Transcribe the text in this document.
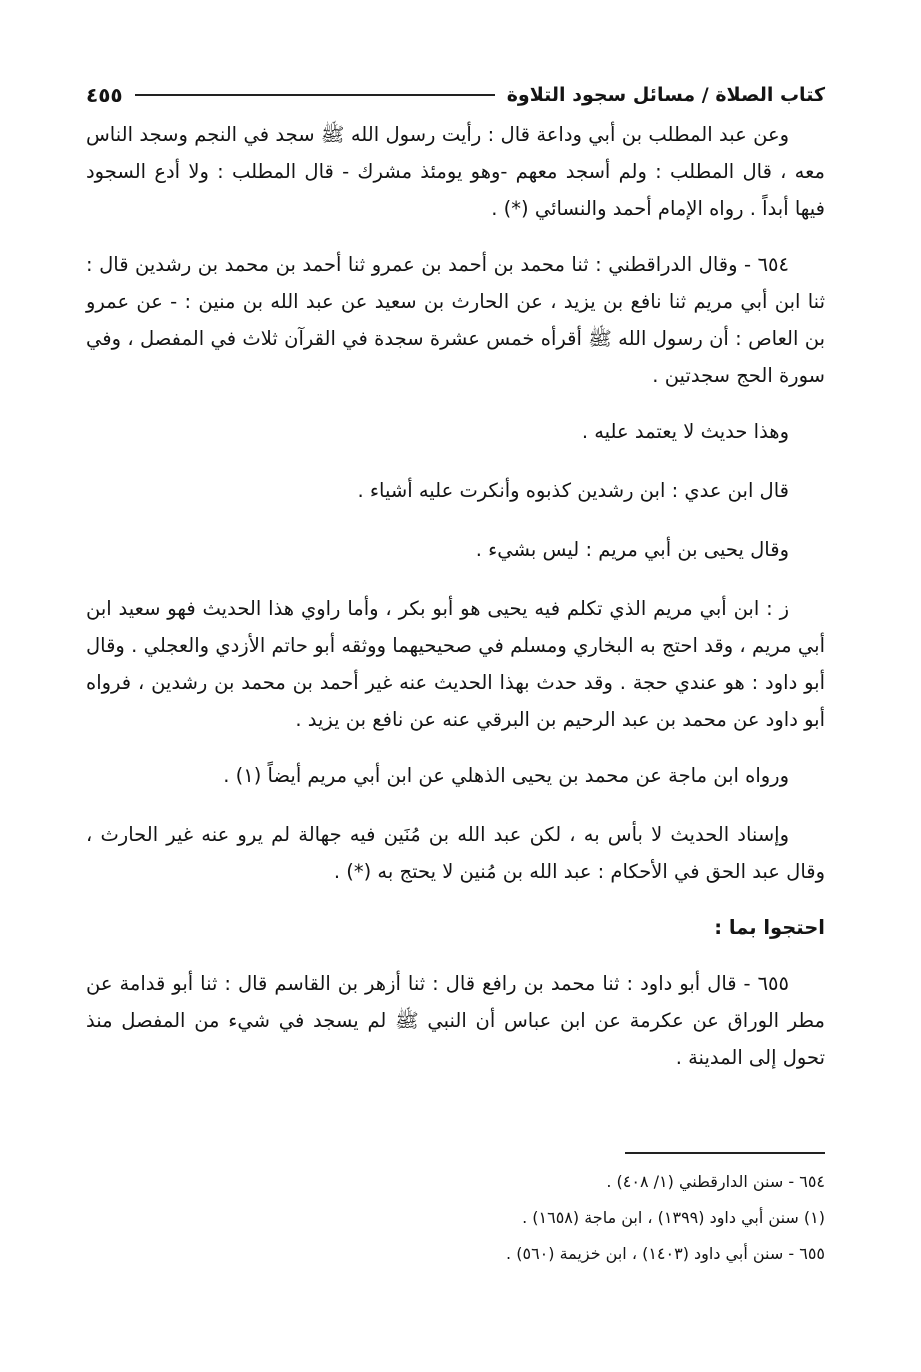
كتاب الصلاة / مسائل سجود التلاوة
٤٥٥

وعن عبد المطلب بن أبي وداعة قال : رأيت رسول الله ﷺ سجد في النجم وسجد الناس معه ، قال المطلب : ولم أسجد معهم -وهو يومئذ مشرك - قال المطلب : ولا أدع السجود فيها أبداً . رواه الإمام أحمد والنسائي (*) .

٦٥٤ - وقال الدراقطني : ثنا محمد بن أحمد بن عمرو ثنا أحمد بن محمد بن رشدين قال : ثنا ابن أبي مريم ثنا نافع بن يزيد ، عن الحارث بن سعيد عن عبد الله بن منين : - عن عمرو بن العاص : أن رسول الله ﷺ أقرأه خمس عشرة سجدة في القرآن ثلاث في المفصل ، وفي سورة الحج سجدتين .

وهذا حديث لا يعتمد عليه .

قال ابن عدي : ابن رشدين كذبوه وأنكرت عليه أشياء .

وقال يحيى بن أبي مريم : ليس بشيء .

ز : ابن أبي مريم الذي تكلم فيه يحيى هو أبو بكر ، وأما راوي هذا الحديث فهو سعيد ابن أبي مريم ، وقد احتج به البخاري ومسلم في صحيحيهما ووثقه أبو حاتم الأزدي والعجلي . وقال أبو داود : هو عندي حجة . وقد حدث بهذا الحديث عنه غير أحمد بن محمد بن رشدين ، فرواه أبو داود عن محمد بن عبد الرحيم بن البرقي عنه عن نافع بن يزيد .

ورواه ابن ماجة عن محمد بن يحيى الذهلي عن ابن أبي مريم أيضاً (١) .

وإسناد الحديث لا بأس به ، لكن عبد الله بن مُنَين فيه جهالة لم يرو عنه غير الحارث ، وقال عبد الحق في الأحكام : عبد الله بن مُنين لا يحتج به (*) .

احتجوا بما :

٦٥٥ - قال أبو داود : ثنا محمد بن رافع قال : ثنا أزهر بن القاسم قال : ثنا أبو قدامة عن مطر الوراق عن عكرمة عن ابن عباس أن النبي ﷺ لم يسجد في شيء من المفصل منذ تحول إلى المدينة .

٦٥٤ - سنن الدارقطني (١/ ٤٠٨) .

(١) سنن أبي داود (١٣٩٩) ، ابن ماجة (١٦٥٨) .

٦٥٥ - سنن أبي داود (١٤٠٣) ، ابن خزيمة (٥٦٠) .
